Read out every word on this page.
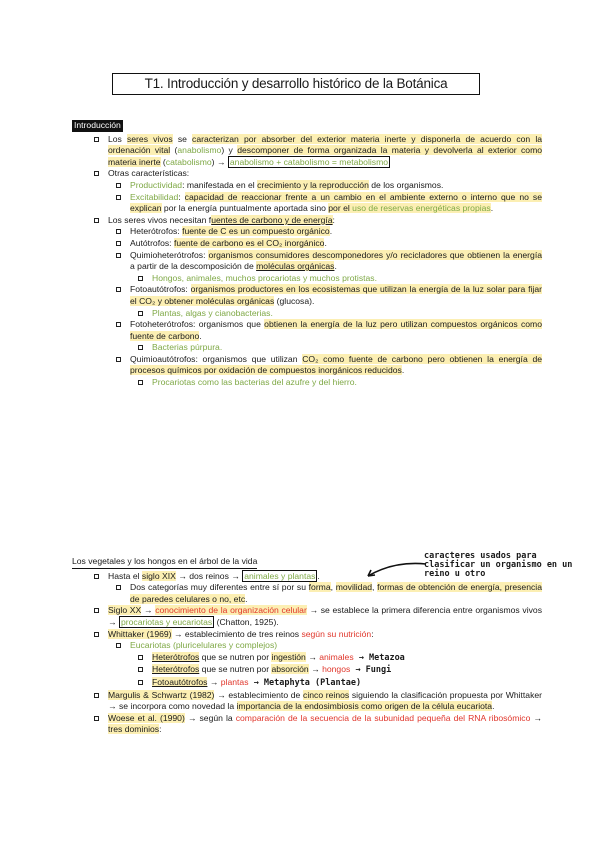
T1. Introducción y desarrollo histórico de la Botánica
Introducción
Los seres vivos se caracterizan por absorber del exterior materia inerte y disponerla de acuerdo con la ordenación vital (anabolismo) y descomponer de forma organizada la materia y devolverla al exterior como materia inerte (catabolismo) → anabolismo + catabolismo = metabolismo
Otras características:
Productividad: manifestada en el crecimiento y la reproducción de los organismos.
Excitabilidad: capacidad de reaccionar frente a un cambio en el ambiente externo o interno que no se explican por la energía puntualmente aportada sino por el uso de reservas energéticas propias.
Los seres vivos necesitan fuentes de carbono y de energía:
Heterótrofos: fuente de C es un compuesto orgánico.
Autótrofos: fuente de carbono es el CO₂ inorgánico.
Quimioheterótrofos: organismos consumidores descomponedores y/o recicladores que obtienen la energía a partir de la descomposición de moléculas orgánicas.
Hongos, animales, muchos procariotas y muchos protistas.
Fotoautótrofos: organismos productores en los ecosistemas que utilizan la energía de la luz solar para fijar el CO₂ y obtener moléculas orgánicas (glucosa).
Plantas, algas y cianobacterias.
Fotoheterótrofos: organismos que obtienen la energía de la luz pero utilizan compuestos orgánicos como fuente de carbono.
Bacterias púrpura.
Quimioautótrofos: organismos que utilizan CO₂ como fuente de carbono pero obtienen la energía de procesos químicos por oxidación de compuestos inorgánicos reducidos.
Procariotas como las bacterias del azufre y del hierro.
caracteres usados para clasificar un organismo en un reino u otro
Los vegetales y los hongos en el árbol de la vida
Hasta el siglo XIX → dos reinos → animales y plantas .
Dos categorías muy diferentes entre sí por su forma, movilidad, formas de obtención de energía, presencia de paredes celulares o no, etc.
Siglo XX → conocimiento de la organización celular → se establece la primera diferencia entre organismos vivos → procariotas y eucariotas (Chatton, 1925).
Whittaker (1969) → establecimiento de tres reinos según su nutrición:
Eucariotas (pluricelulares y complejos)
Heterótrofos que se nutren por ingestión → animales → Metazoa
Heterótrofos que se nutren por absorción → hongos → Fungi
Fotoautótrofos → plantas → Metaphyta (Plantae)
Margulis & Schwartz (1982) → establecimiento de cinco reinos siguiendo la clasificación propuesta por Whittaker → se incorpora como novedad la importancia de la endosimbiosis como origen de la célula eucariota.
Woese et al. (1990) → según la comparación de la secuencia de la subunidad pequeña del RNA ribosómico → tres dominios:
